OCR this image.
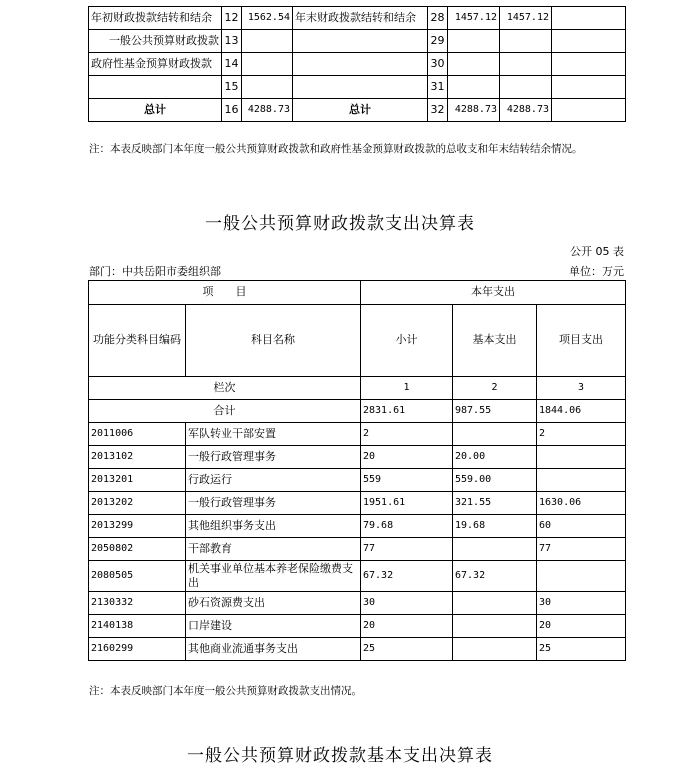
年初财政拨款结转和结余	12	1562.54	年末财政拨款结转和结余	28	1457.12	1457.12	
一般公共预算财政拨款	13			29			
政府性基金预算财政拨款	14			30			
	15			31			
总计	16	4288.73	总计	32	4288.73	4288.73	
注：本表反映部门本年度一般公共预算财政拨款和政府性基金预算财政拨款的总收支和年末结转结余情况。
一般公共预算财政拨款支出决算表
公开 05 表
部门：中共岳阳市委组织部	单位：万元
项　　目		本年支出		
功能分类科目编码	科目名称	小计	基本支出	项目支出
栏次		1	2	3
合计		2831.61	987.55	1844.06
2011006	军队转业干部安置	2		2
2013102	一般行政管理事务	20	20.00	
2013201	行政运行	559	559.00	
2013202	一般行政管理事务	1951.61	321.55	1630.06
2013299	其他组织事务支出	79.68	19.68	60
2050802	干部教育	77		77
2080505	机关事业单位基本养老保险缴费支出	67.32	67.32	
2130332	砂石资源费支出	30		30
2140138	口岸建设	20		20
2160299	其他商业流通事务支出	25		25
注：本表反映部门本年度一般公共预算财政拨款支出情况。
一般公共预算财政拨款基本支出决算表
